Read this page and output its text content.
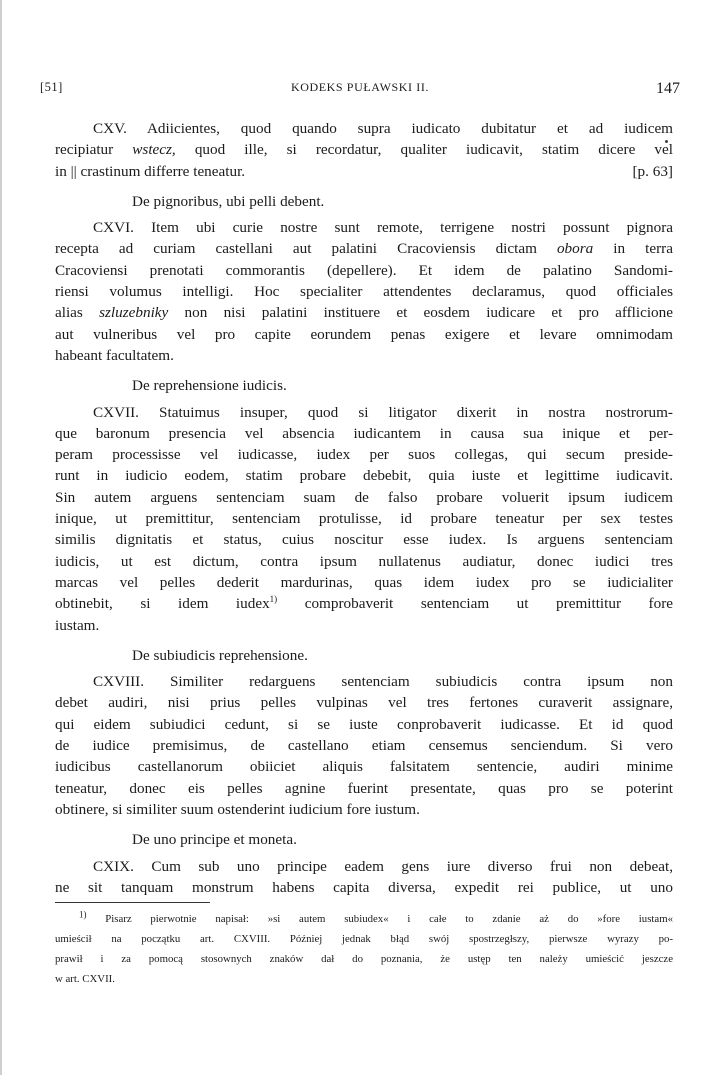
[51]	KODEKS PUŁAWSKI II.	147
CXV. Adiicientes, quod quando supra iudicato dubitatur et ad iudicem
recipiatur wstecz, quod ille, si recordatur, qualiter iudicavit, statim dicere vel
in || crastinum differre teneatur.	[p. 63]
De pignoribus, ubi pelli debent.
CXVI. Item ubi curie nostre sunt remote, terrigene nostri possunt pignora
recepta ad curiam castellani aut palatini Cracoviensis dictam obora in terra
Cracoviensi prenotati commorantis (depellere). Et idem de palatino Sandomi-
riensi volumus intelligi. Hoc specialiter attendentes declaramus, quod officiales
alias szluzebniky non nisi palatini instituere et eosdem iudicare et pro afflicione
aut vulneribus vel pro capite eorundem penas exigere et levare omnimodam
habeant facultatem.
De reprehensione iudicis.
CXVII. Statuimus insuper, quod si litigator dixerit in nostra nostrorum-
que baronum presencia vel absencia iudicantem in causa sua inique et per-
peram processisse vel iudicasse, iudex per suos collegas, qui secum preside-
runt in iudicio eodem, statim probare debebit, quia iuste et legittime iudicavit.
Sin autem arguens sentenciam suam de falso probare voluerit ipsum iudicem
inique, ut premittitur, sentenciam protulisse, id probare teneatur per sex testes
similis dignitatis et status, cuius noscitur esse iudex. Is arguens sentenciam
iudicis, ut est dictum, contra ipsum nullatenus audiatur, donec iudici tres
marcas vel pelles dederit mardurinas, quas idem iudex pro se iudicialiter
obtinebit, si idem iudex$^{1)}$ comprobaverit sentenciam ut premittitur fore
iustam.
De subiudicis reprehensione.
CXVIII. Similiter redarguens sentenciam subiudicis contra ipsum non
debet audiri, nisi prius pelles vulpinas vel tres fertones curaverit assignare,
qui eidem subiudici cedunt, si se iuste conprobaverit iudicasse. Et id quod
de iudice premisimus, de castellano etiam censemus senciendum. Si vero
iudicibus castellanorum obiiciet aliquis falsitatem sentencie, audiri minime
teneatur, donec eis pelles agnine fuerint presentate, quas pro se poterint
obtinere, si similiter suum ostenderint iudicium fore iustum.
De uno principe et moneta.
CXIX. Cum sub uno principe eadem gens iure diverso frui non debeat,
ne sit tanquam monstrum habens capita diversa, expedit rei publice, ut uno
$^{1)}$ Pisarz pierwotnie napisał: »si autem subiudex« i całe to zdanie aż do »fore iustam«
umieścił na początku art. CXVIII. Później jednak błąd swój spostrzegłszy, pierwsze wyrazy po-
prawił i za pomocą stosownych znaków dał do poznania, że ustęp ten należy umieścić jeszcze
w art. CXVII.
